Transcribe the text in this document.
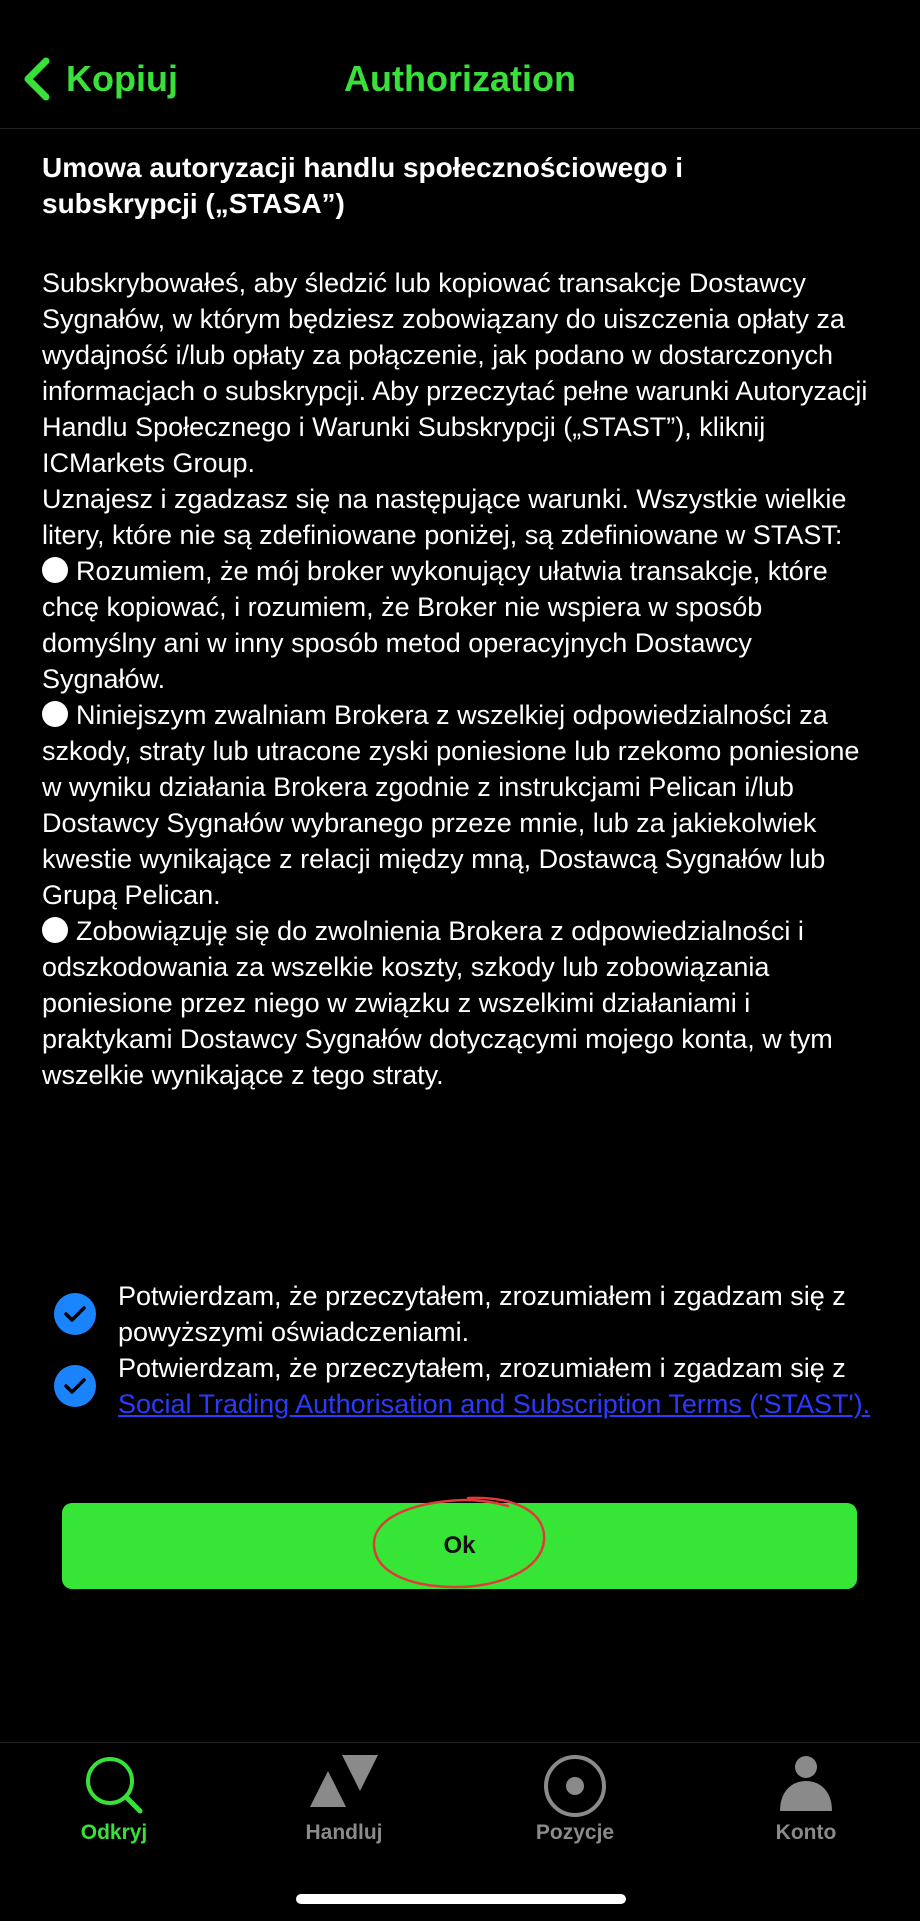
Kopiuj	Authorization
Umowa autoryzacji handlu społecznościowego i
subskrypcji („STASA”)

Subskrybowałeś, aby śledzić lub kopiować transakcje Dostawcy Sygnałów, w którym będziesz zobowiązany do uiszczenia opłaty za wydajność i/lub opłaty za połączenie, jak podano w dostarczonych informacjach o subskrypcji. Aby przeczytać pełne warunki Autoryzacji Handlu Społecznego i Warunki Subskrypcji („STAST”), kliknij ICMarkets Group.

Uznajesz i zgadzasz się na następujące warunki. Wszystkie wielkie litery, które nie są zdefiniowane poniżej, są zdefiniowane w STAST:

Rozumiem, że mój broker wykonujący ułatwia transakcje, które chcę kopiować, i rozumiem, że Broker nie wspiera w sposób domyślny ani w inny sposób metod operacyjnych Dostawcy Sygnałów.

Niniejszym zwalniam Brokera z wszelkiej odpowiedzialności za szkody, straty lub utracone zyski poniesione lub rzekomo poniesione w wyniku działania Brokera zgodnie z instrukcjami Pelican i/lub Dostawcy Sygnałów wybranego przeze mnie, lub za jakiekolwiek kwestie wynikające z relacji między mną, Dostawcą Sygnałów lub Grupą Pelican.

Zobowiązuję się do zwolnienia Brokera z odpowiedzialności i odszkodowania za wszelkie koszty, szkody lub zobowiązania poniesione przez niego w związku z wszelkimi działaniami i praktykami Dostawcy Sygnałów dotyczącymi mojego konta, w tym wszelkie wynikające z tego straty.

Potwierdzam, że przeczytałem, zrozumiałem i zgadzam się z powyższymi oświadczeniami.
Potwierdzam, że przeczytałem, zrozumiałem i zgadzam się z Social Trading Authorisation and Subscription Terms ('STAST').
Ok
Odkryj	Handluj	Pozycje	Konto
